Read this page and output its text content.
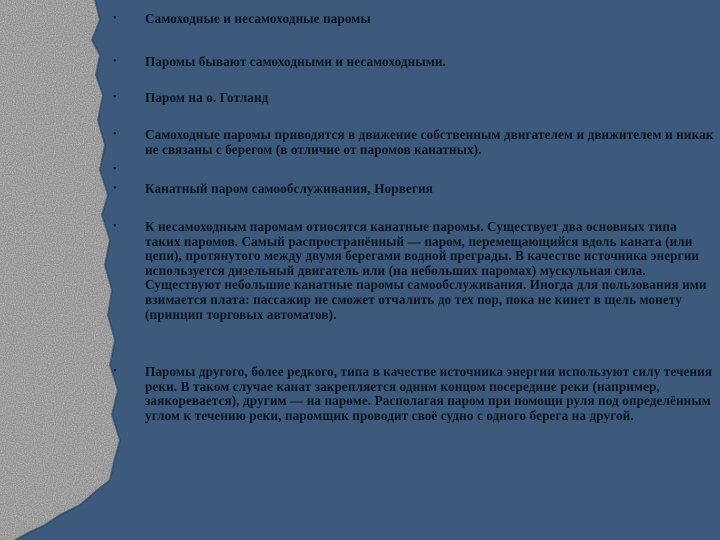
•	Самоходные и несамоходные паромы
•	Паромы бывают самоходными и несамоходными.
•	Паром на о. Готланд
•	Самоходные паромы приводятся в движение собственным двигателем и движителем и никак не связаны с берегом (в отличие от паромов канатных).
•
•	Канатный паром самообслуживания, Норвегия
•	К несамоходным паромам относятся канатные паромы. Существует два основных типа таких паромов. Самый распространённый — паром, перемещающийся вдоль каната (или цепи), протянутого между двумя берегами водной преграды. В качестве источника энергии используется дизельный двигатель или (на небольших паромах) мускульная сила. Существуют небольшие канатные паромы самообслуживания. Иногда для пользования ими взимается плата: пассажир не сможет отчалить до тех пор, пока не кинет в щель монету (принцип торговых автоматов).
•	Паромы другого, более редкого, типа в качестве источника энергии используют силу течения реки. В таком случае канат закрепляется одним концом посередине реки (например, заякоревается), другим — на пароме. Располагая паром при помощи руля под определённым углом к течению реки, паромщик проводит своё судно с одного берега на другой.
